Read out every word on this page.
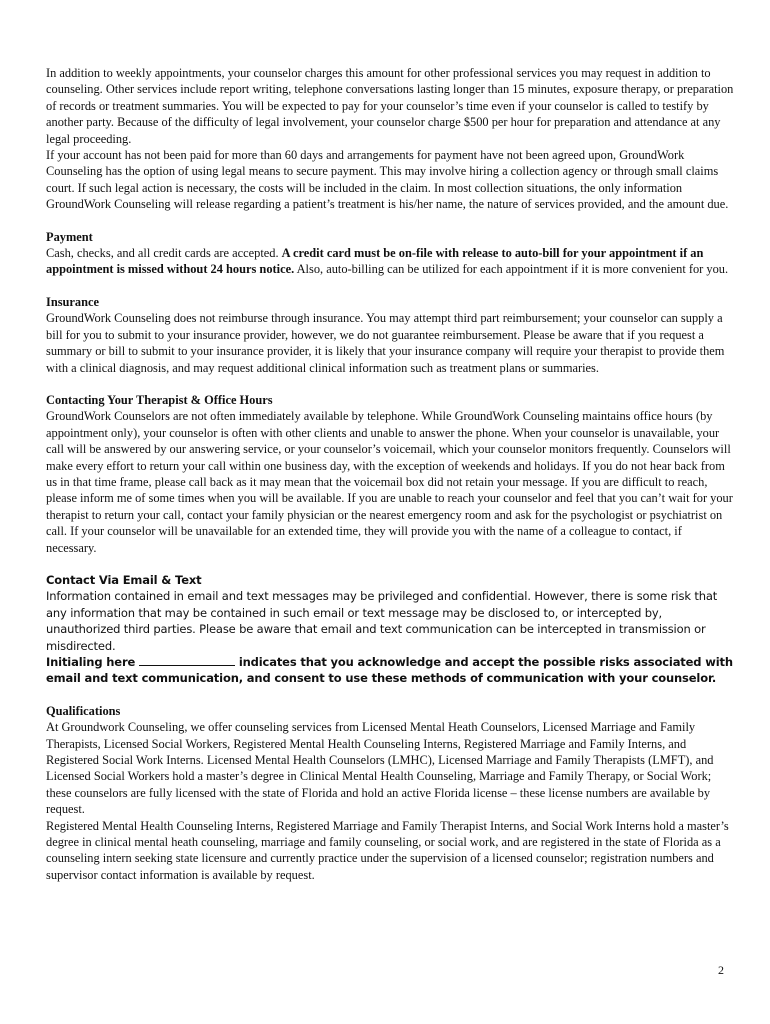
In addition to weekly appointments, your counselor charges this amount for other professional services you may request in addition to counseling. Other services include report writing, telephone conversations lasting longer than 15 minutes, exposure therapy, or preparation of records or treatment summaries. You will be expected to pay for your counselor’s time even if your counselor is called to testify by another party. Because of the difficulty of legal involvement, your counselor charge $500 per hour for preparation and attendance at any legal proceeding.

If your account has not been paid for more than 60 days and arrangements for payment have not been agreed upon, GroundWork Counseling has the option of using legal means to secure payment. This may involve hiring a collection agency or through small claims court. If such legal action is necessary, the costs will be included in the claim. In most collection situations, the only information GroundWork Counseling will release regarding a patient’s treatment is his/her name, the nature of services provided, and the amount due.

Payment

Cash, checks, and all credit cards are accepted. A credit card must be on-file with release to auto-bill for your appointment if an appointment is missed without 24 hours notice. Also, auto-billing can be utilized for each appointment if it is more convenient for you.

Insurance

GroundWork Counseling does not reimburse through insurance. You may attempt third part reimbursement; your counselor can supply a bill for you to submit to your insurance provider, however, we do not guarantee reimbursement. Please be aware that if you request a summary or bill to submit to your insurance provider, it is likely that your insurance company will require your therapist to provide them with a clinical diagnosis, and may request additional clinical information such as treatment plans or summaries.

Contacting Your Therapist & Office Hours

GroundWork Counselors are not often immediately available by telephone. While GroundWork Counseling maintains office hours (by appointment only), your counselor is often with other clients and unable to answer the phone. When your counselor is unavailable, your call will be answered by our answering service, or your counselor’s voicemail, which your counselor monitors frequently. Counselors will make every effort to return your call within one business day, with the exception of weekends and holidays. If you do not hear back from us in that time frame, please call back as it may mean that the voicemail box did not retain your message. If you are difficult to reach, please inform me of some times when you will be available. If you are unable to reach your counselor and feel that you can’t wait for your therapist to return your call, contact your family physician or the nearest emergency room and ask for the psychologist or psychiatrist on call. If your counselor will be unavailable for an extended time, they will provide you with the name of a colleague to contact, if necessary.

Contact Via Email & Text

Information contained in email and text messages may be privileged and confidential. However, there is some risk that any information that may be contained in such email or text message may be disclosed to, or intercepted by, unauthorized third parties. Please be aware that email and text communication can be intercepted in transmission or misdirected.

Initialing here	indicates that you acknowledge and accept the possible risks associated with email and text communication, and consent to use these methods of communication with your counselor.

Qualifications

At Groundwork Counseling, we offer counseling services from Licensed Mental Heath Counselors, Licensed Marriage and Family Therapists, Licensed Social Workers, Registered Mental Health Counseling Interns, Registered Marriage and Family Interns, and Registered Social Work Interns. Licensed Mental Health Counselors (LMHC), Licensed Marriage and Family Therapists (LMFT), and Licensed Social Workers hold a master’s degree in Clinical Mental Health Counseling, Marriage and Family Therapy, or Social Work; these counselors are fully licensed with the state of Florida and hold an active Florida license – these license numbers are available by request.

Registered Mental Health Counseling Interns, Registered Marriage and Family Therapist Interns, and Social Work Interns hold a master’s degree in clinical mental heath counseling, marriage and family counseling, or social work, and are registered in the state of Florida as a counseling intern seeking state licensure and currently practice under the supervision of a licensed counselor; registration numbers and supervisor contact information is available by request.

2
